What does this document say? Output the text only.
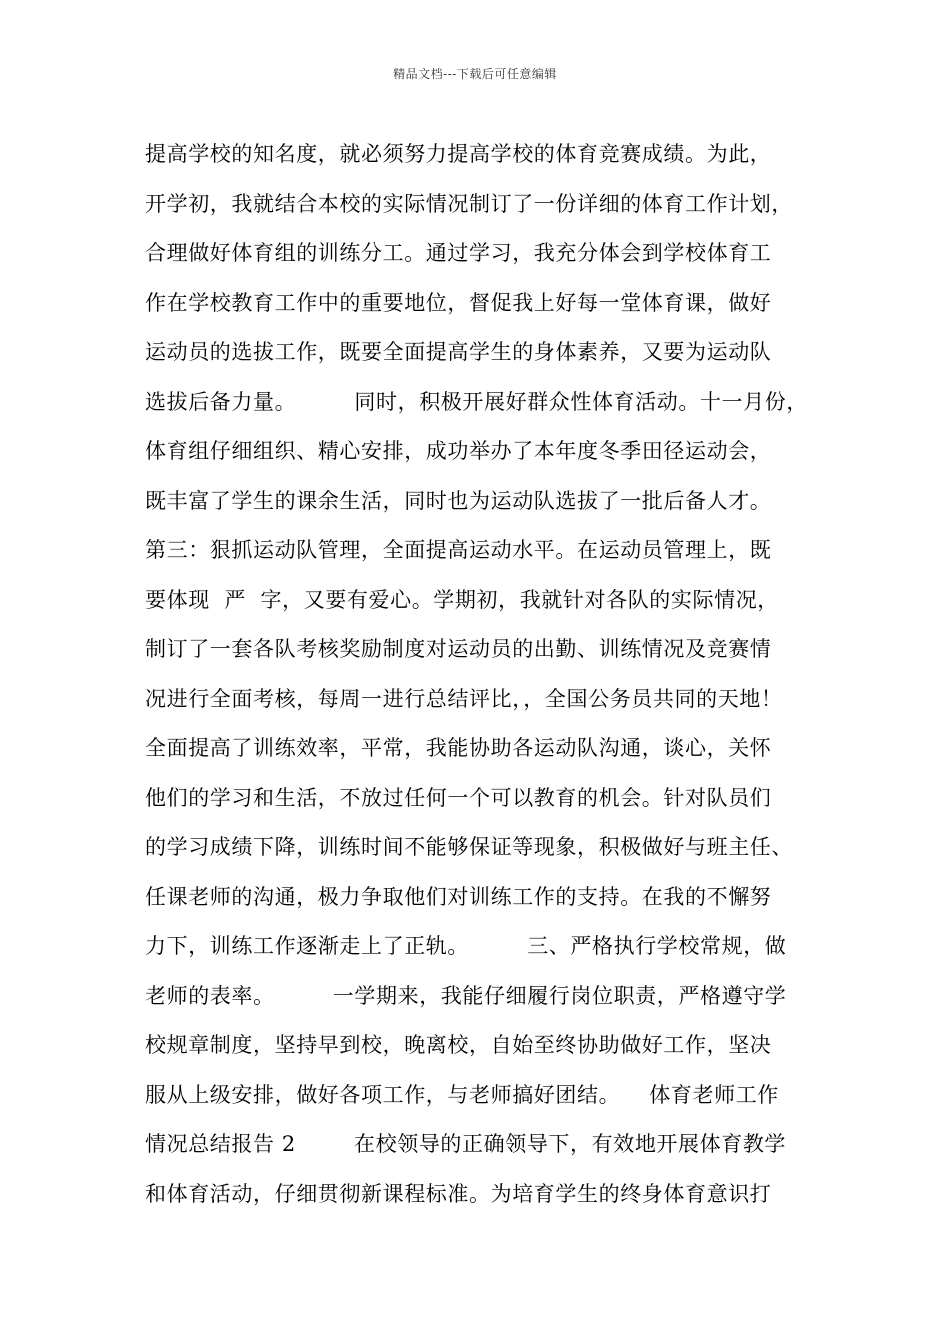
精品文档---下载后可任意编辑
提高学校的知名度，就必须努力提高学校的体育竞赛成绩。为此，
开学初，我就结合本校的实际情况制订了一份详细的体育工作计划，
合理做好体育组的训练分工。通过学习，我充分体会到学校体育工
作在学校教育工作中的重要地位，督促我上好每一堂体育课，做好
运动员的选拔工作，既要全面提高学生的身体素养，又要为运动队
选拔后备力量。        同时，积极开展好群众性体育活动。十一月份，
体育组仔细组织、精心安排，成功举办了本年度冬季田径运动会，
既丰富了学生的课余生活，同时也为运动队选拔了一批后备人才。
第三：狠抓运动队管理，全面提高运动水平。在运动员管理上，既
要体现  严  字，又要有爱心。学期初，我就针对各队的实际情况，
制订了一套各队考核奖励制度对运动员的出勤、训练情况及竞赛情
况进行全面考核，每周一进行总结评比，，全国公务员共同的天地！
全面提高了训练效率，平常，我能协助各运动队沟通，谈心，关怀
他们的学习和生活，不放过任何一个可以教育的机会。针对队员们
的学习成绩下降，训练时间不能够保证等现象，积极做好与班主任、
任课老师的沟通，极力争取他们对训练工作的支持。在我的不懈努
力下，训练工作逐渐走上了正轨。        三、严格执行学校常规，做
老师的表率。        一学期来，我能仔细履行岗位职责，严格遵守学
校规章制度，坚持早到校，晚离校，自始至终协助做好工作，坚决
服从上级安排，做好各项工作，与老师搞好团结。    体育老师工作
情况总结报告 2        在校领导的正确领导下，有效地开展体育教学
和体育活动，仔细贯彻新课程标准。为培育学生的终身体育意识打
